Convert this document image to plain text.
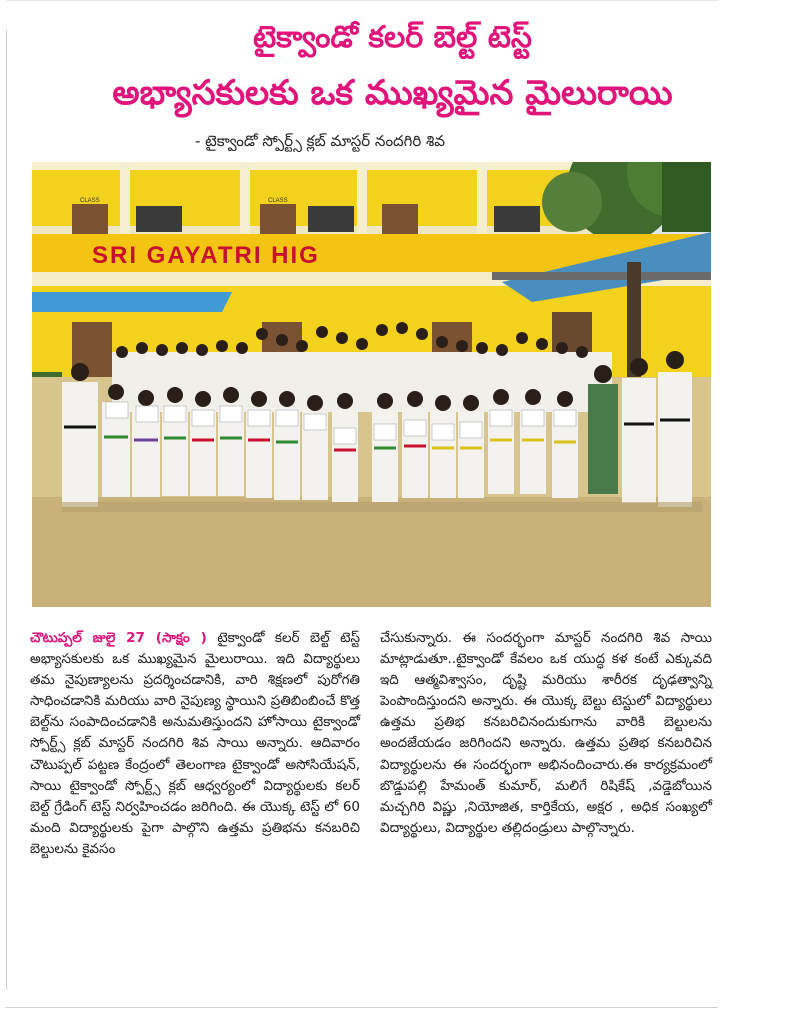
టైక్వాండో కలర్ బెల్ట్ టెస్ట్
అభ్యాసకులకు ఒక ముఖ్యమైన మైలురాయి
- టైక్వాండో స్పోర్ట్స్ క్లబ్ మాస్టర్ నందగిరి శివ
CLASS	CLASS
SRI GAYATRI HIG

చౌటుప్పల్ జులై 27 (సాక్షం ) టైక్వాండో కలర్ బెల్ట్ టెస్ట్ అభ్యాసకులకు ఒక ముఖ్యమైన మైలురాయి. ఇది విద్యార్థులు తమ నైపుణ్యాలను ప్రదర్శించడానికి, వారి శిక్షణలో పురోగతి సాధించడానికి మరియు వారి నైపుణ్య స్థాయిని ప్రతిబింబించే కొత్త బెల్ట్‌ను సంపాదించడానికి అనుమతిస్తుందని హోసాయి టైక్వాండో స్పోర్ట్స్ క్లబ్ మాస్టర్ నందగిరి శివ సాయి అన్నారు. ఆదివారం చౌటుప్పల్ పట్టణ కేంద్రంలో తెలంగాణ టైక్వాండో అసోసియేషన్, సాయి టైక్వాండో స్పోర్ట్స్ క్లబ్ ఆధ్వర్యంలో విద్యార్థులకు కలర్ బెల్ట్ గ్రేడింగ్ టెస్ట్ నిర్వహించడం జరిగింది. ఈ యొక్క టెస్ట్ లో 60 మంది విద్యార్థులకు పైగా పాల్గొని ఉత్తమ ప్రతిభను కనబరిచి బెల్టులను కైవసం

చేసుకున్నారు. ఈ సందర్భంగా మాస్టర్ నందగిరి శివ సాయి మాట్లాడుతూ..టైక్వాండో కేవలం ఒక యుద్ధ కళ కంటే ఎక్కువది ఇది ఆత్మవిశ్వాసం, దృష్టి మరియు శారీరక దృఢత్వాన్ని పెంపొందిస్తుందని అన్నారు. ఈ యొక్క బెల్టు టెస్టులో విద్యార్థులు ఉత్తమ ప్రతిభ కనబరిచినందుకుగాను వారికి బెల్టులను అందజేయడం జరిగిందని అన్నారు. ఉత్తమ ప్రతిభ కనబరిచిన విద్యార్థులను ఈ సందర్భంగా అభినందించారు.ఈ కార్యక్రమంలో బొడ్డుపల్లి హేమంత్ కుమార్, మలిగే రిషికేష్ ,వడ్డెబోయిన మచ్చగిరి విష్ణు ,నియోజిత, కార్తికేయ, అక్షర , అధిక సంఖ్యలో విద్యార్థులు, విద్యార్థుల తల్లిదండ్రులు పాల్గొన్నారు.
